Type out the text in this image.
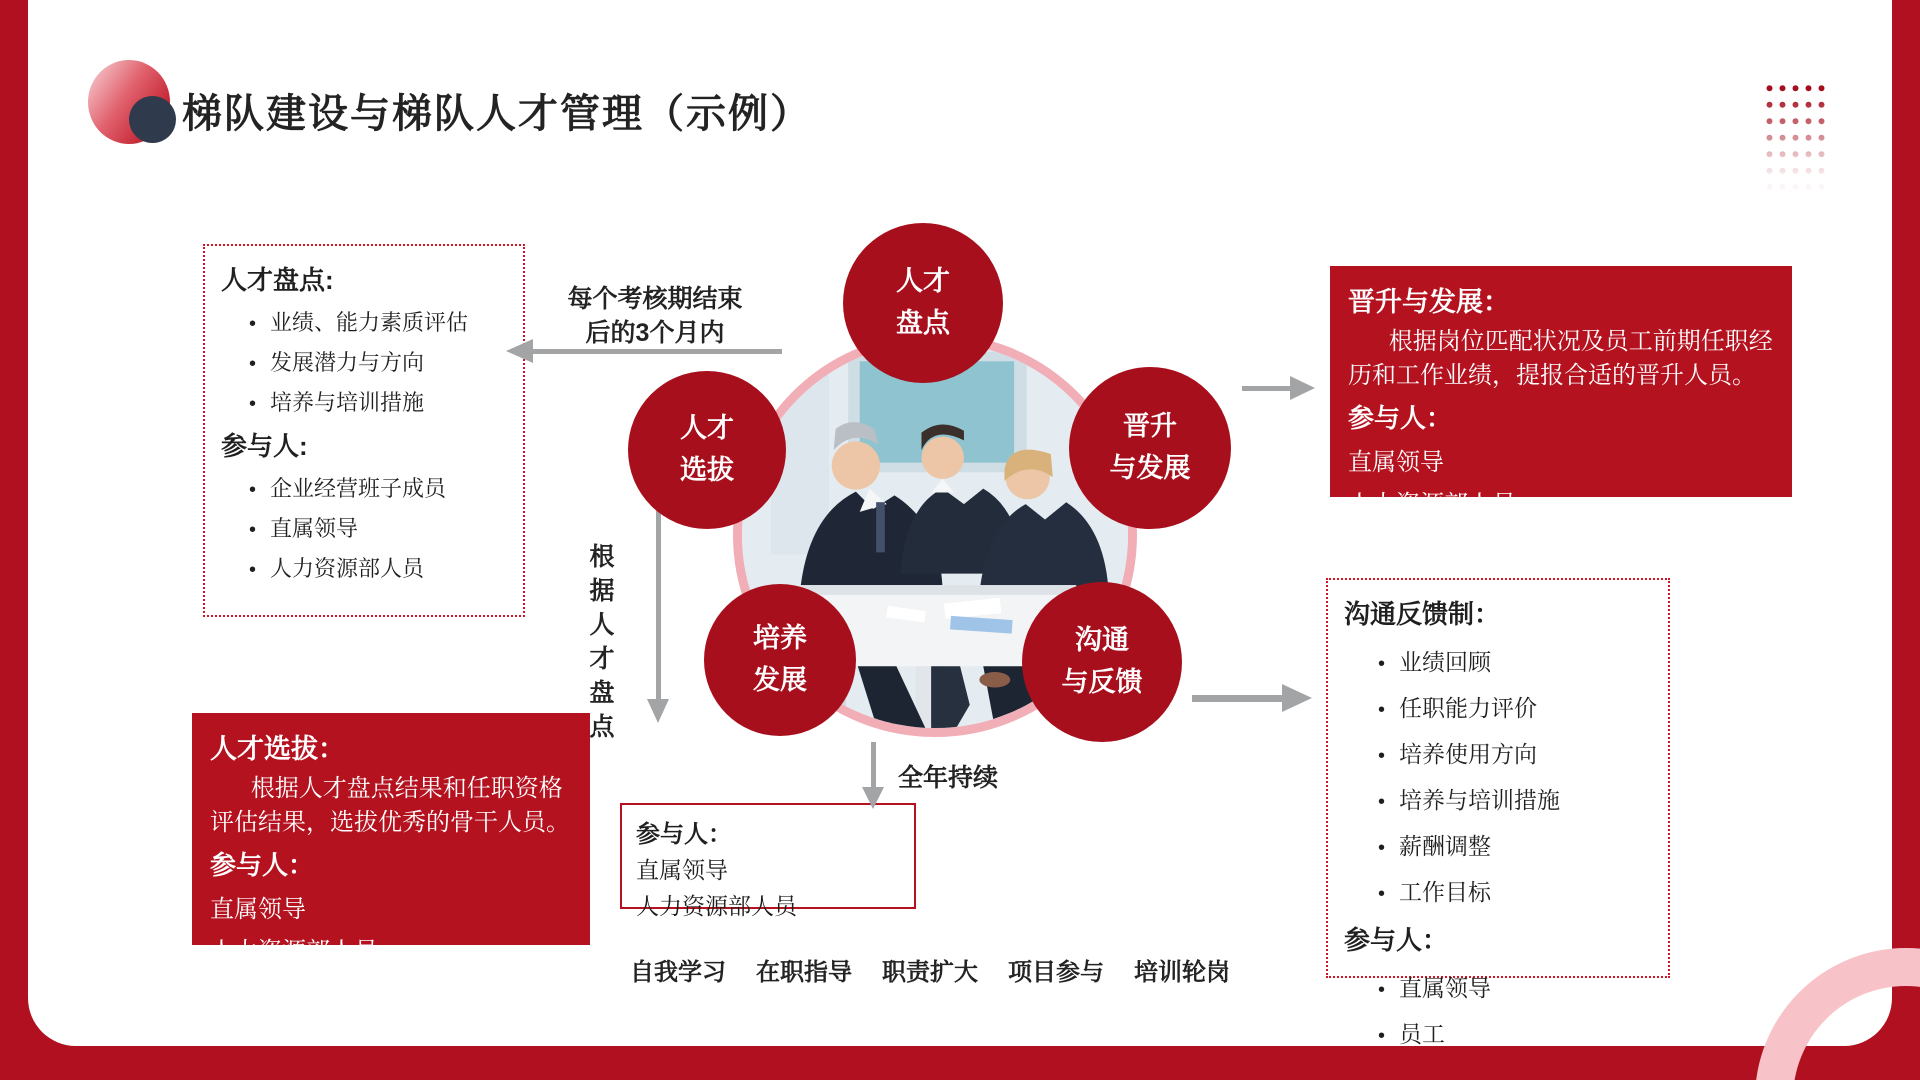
梯队建设与梯队人才管理（示例）
人才
盘点
人才
选拔
晋升
与发展
培养
发展
沟通
与反馈
人才盘点:
• 业绩、能力素质评估
• 发展潜力与方向
• 培养与培训措施
参与人:
• 企业经营班子成员
• 直属领导
• 人力资源部人员
人才选拔：
根据人才盘点结果和任职资格评估结果，选拔优秀的骨干人员。
参与人：
直属领导
人力资源部人员
晋升与发展：
根据岗位匹配状况及员工前期任职经历和工作业绩，提报合适的晋升人员。
参与人：
直属领导
人力资源部人员
沟通反馈制：
• 业绩回顾
• 任职能力评价
• 培养使用方向
• 培养与培训措施
• 薪酬调整
• 工作目标
参与人：
• 直属领导
• 员工
参与人：
直属领导
人力资源部人员
自我学习 在职指导 职责扩大 项目参与 培训轮岗
每个考核期结束
后的3个月内
根据人才盘点
全年持续
